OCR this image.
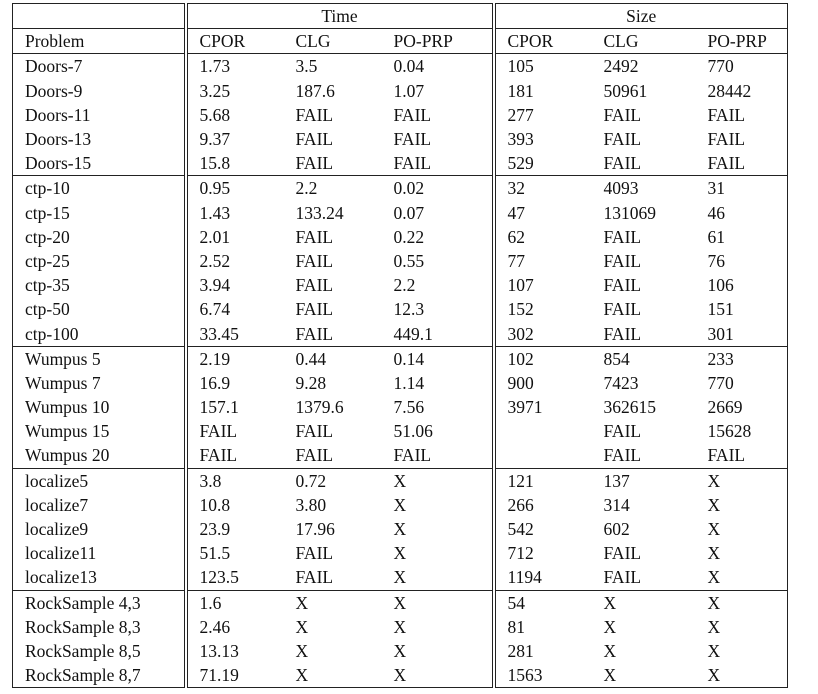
	Time			Size		
Problem	CPOR	CLG	PO-PRP	CPOR	CLG	PO-PRP
Doors-7	1.73	3.5	0.04	105	2492	770
Doors-9	3.25	187.6	1.07	181	50961	28442
Doors-11	5.68	FAIL	FAIL	277	FAIL	FAIL
Doors-13	9.37	FAIL	FAIL	393	FAIL	FAIL
Doors-15	15.8	FAIL	FAIL	529	FAIL	FAIL
ctp-10	0.95	2.2	0.02	32	4093	31
ctp-15	1.43	133.24	0.07	47	131069	46
ctp-20	2.01	FAIL	0.22	62	FAIL	61
ctp-25	2.52	FAIL	0.55	77	FAIL	76
ctp-35	3.94	FAIL	2.2	107	FAIL	106
ctp-50	6.74	FAIL	12.3	152	FAIL	151
ctp-100	33.45	FAIL	449.1	302	FAIL	301
Wumpus 5	2.19	0.44	0.14	102	854	233
Wumpus 7	16.9	9.28	1.14	900	7423	770
Wumpus 10	157.1	1379.6	7.56	3971	362615	2669
Wumpus 15	FAIL	FAIL	51.06		FAIL	15628
Wumpus 20	FAIL	FAIL	FAIL		FAIL	FAIL
localize5	3.8	0.72	X	121	137	X
localize7	10.8	3.80	X	266	314	X
localize9	23.9	17.96	X	542	602	X
localize11	51.5	FAIL	X	712	FAIL	X
localize13	123.5	FAIL	X	1194	FAIL	X
RockSample 4,3	1.6	X	X	54	X	X
RockSample 8,3	2.46	X	X	81	X	X
RockSample 8,5	13.13	X	X	281	X	X
RockSample 8,7	71.19	X	X	1563	X	X
